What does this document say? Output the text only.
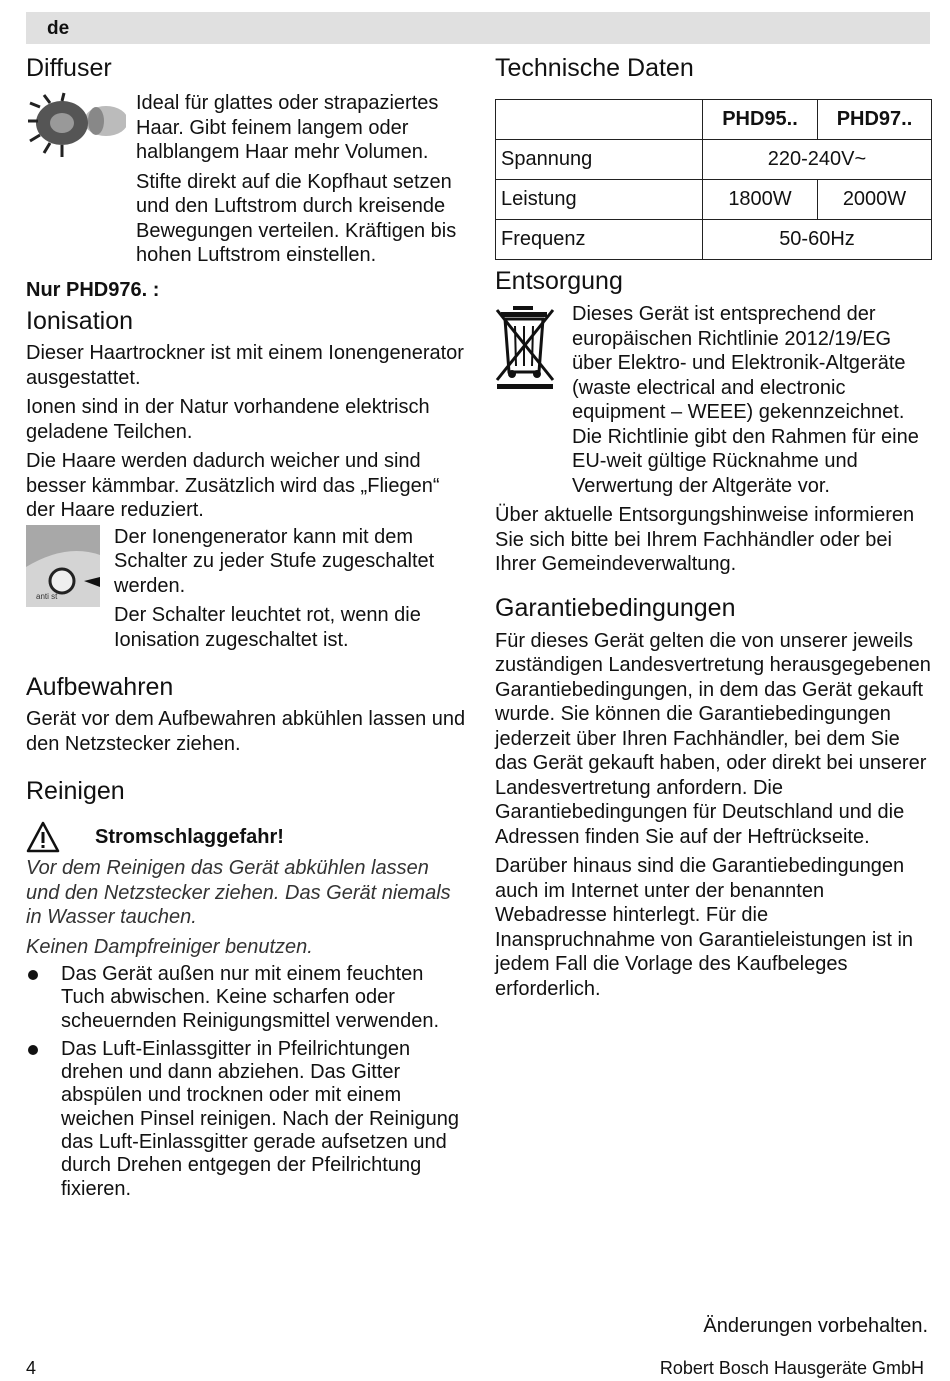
de
Diffuser

Ideal für glattes oder strapaziertes Haar. Gibt feinem langem oder halblangem Haar mehr Volumen.

Stifte direkt auf die Kopfhaut setzen und den Luftstrom durch kreisende Bewegungen verteilen. Kräftigen bis hohen Luftstrom einstellen.

Nur PHD976. :

Ionisation

Dieser Haartrockner ist mit einem Ionengenerator ausgestattet.

Ionen sind in der Natur vorhandene elektrisch geladene Teilchen.

Die Haare werden dadurch weicher und sind besser kämmbar. Zusätzlich wird das „Fliegen“ der Haare reduziert.

anti st

Der Ionengenerator kann mit dem Schalter zu jeder Stufe zugeschaltet werden.

Der Schalter leuchtet rot, wenn die Ionisation zugeschaltet ist.

Aufbewahren

Gerät vor dem Aufbewahren abkühlen lassen und den Netzstecker ziehen.

Reinigen
Stromschlaggefahr!

Vor dem Reinigen das Gerät abkühlen lassen und den Netzstecker ziehen. Das Gerät niemals in Wasser tauchen.

Keinen Dampfreiniger benutzen.

Das Gerät außen nur mit einem feuchten Tuch abwischen. Keine scharfen oder scheuernden Reinigungsmittel verwenden.
Das Luft-Einlassgitter in Pfeilrichtungen drehen und dann abziehen. Das Gitter abspülen und trocknen oder mit einem weichen Pinsel reinigen. Nach der Reinigung das Luft-Einlassgitter gerade aufsetzen und durch Drehen entgegen der Pfeilrichtung fixieren.
Technische Daten
	PHD95..	PHD97..
Spannung	220-240V~	
Leistung	1800W	2000W
Frequenz	50-60Hz	
Entsorgung

Dieses Gerät ist entsprechend der europäischen Richtlinie 2012/19/EG über Elektro- und Elektronik-Altgeräte (waste electrical and electronic equipment – WEEE) gekennzeichnet. Die Richtlinie gibt den Rahmen für eine EU-weit gültige Rücknahme und Verwertung der Altgeräte vor.

Über aktuelle Entsorgungshinweise informieren Sie sich bitte bei Ihrem Fachhändler oder bei Ihrer Gemeindeverwaltung.

Garantiebedingungen

Für dieses Gerät gelten die von unserer jeweils zuständigen Landesvertretung herausgegebenen Garantiebedingungen, in dem das Gerät gekauft wurde. Sie können die Garantiebedingungen jederzeit über Ihren Fachhändler, bei dem Sie das Gerät gekauft haben, oder direkt bei unserer Landesvertretung anfordern. Die Garantiebedingungen für Deutschland und die Adressen finden Sie auf der Heftrückseite.

Darüber hinaus sind die Garantiebedingungen auch im Internet unter der benannten Webadresse hinterlegt. Für die Inanspruchnahme von Garantieleistungen ist in jedem Fall die Vorlage des Kaufbeleges erforderlich.

Änderungen vorbehalten.
4	Robert Bosch Hausgeräte GmbH
